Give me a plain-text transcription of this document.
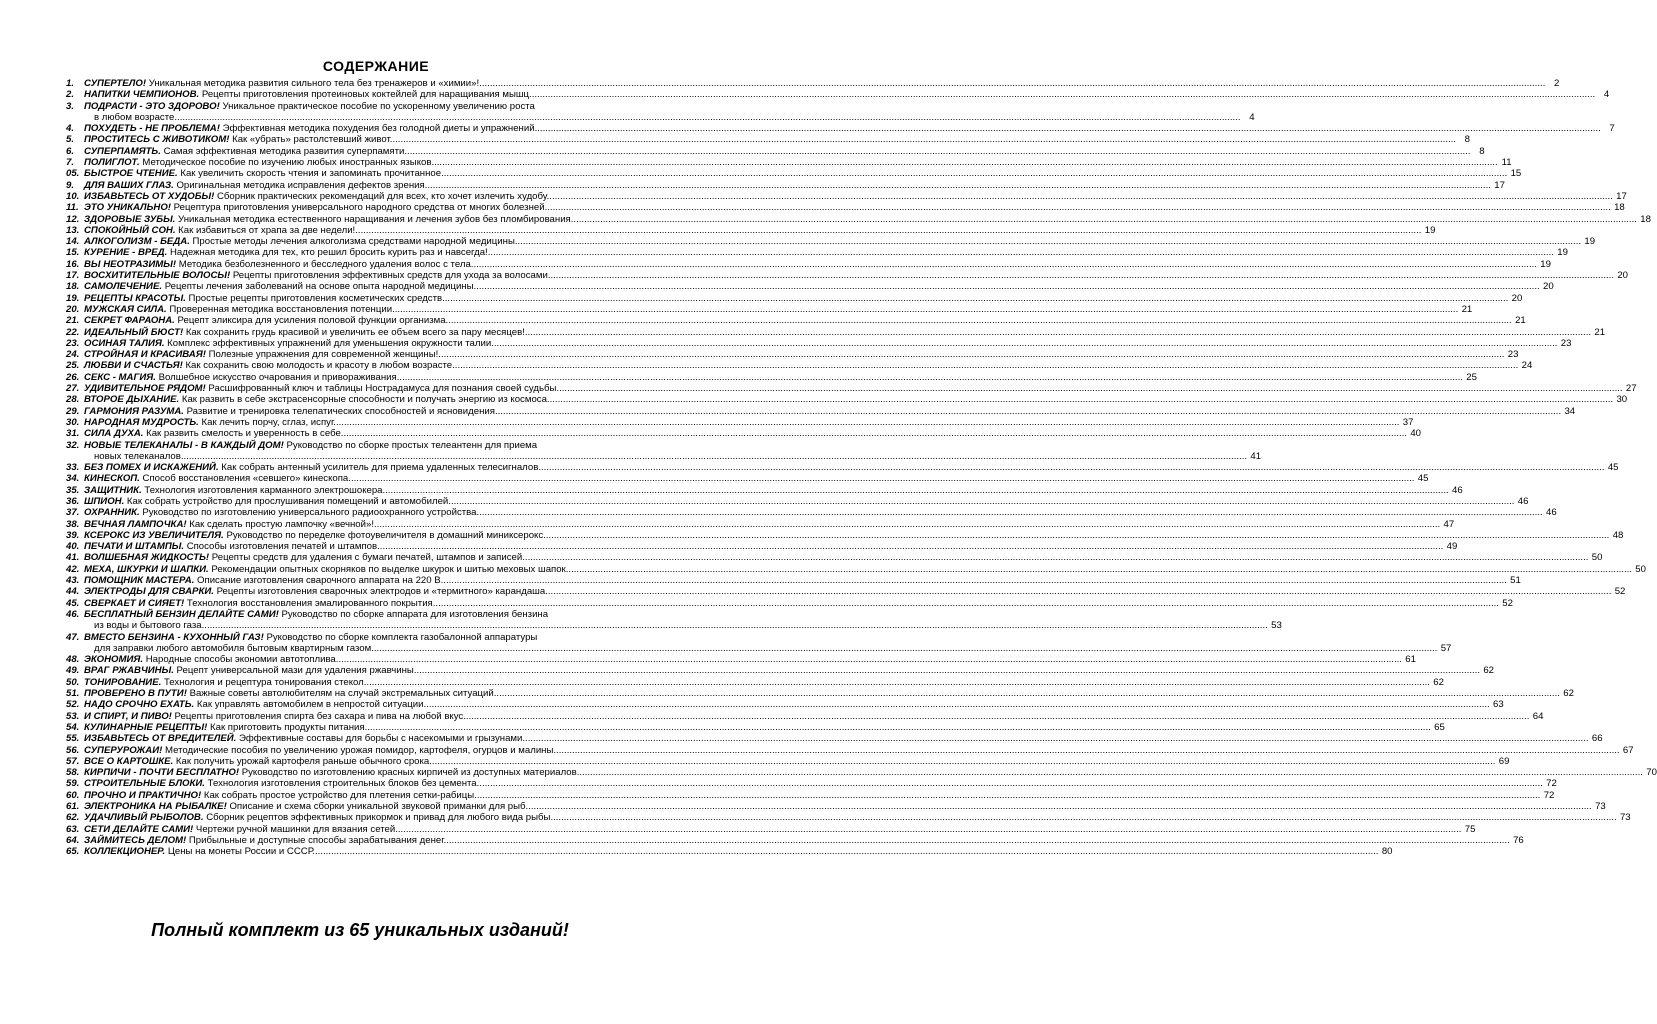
СОДЕРЖАНИЕ
1.	СУПЕРТЕЛО! Уникальная методика развития сильного тела без тренажеров и «химии»!................................................................................................................................................................................................................................................................................................................................................................................................................ 2
2.	НАПИТКИ ЧЕМПИОНОВ. Рецепты приготовления протеиновых коктейлей для наращивания мышц................................................................................................................................................................................................................................................................................................................................................................................................................ 4
3.	ПОДРАСТИ - ЭТО ЗДОРОВО! Уникальное практическое пособие по ускоренному увеличению роста
в любом возрасте................................................................................................................................................................................................................................................................................................................................................................................................................ 4
4.	ПОХУДЕТЬ - НЕ ПРОБЛЕМА! Эффективная методика похудения без голодной диеты и упражнений................................................................................................................................................................................................................................................................................................................................................................................................................ 7
5.	ПРОСТИТЕСЬ С ЖИВОТИКОМ! Как «убрать» растолстевший живот................................................................................................................................................................................................................................................................................................................................................................................................................ 8
6.	СУПЕРПАМЯТЬ. Самая эффективная методика развития суперпамяти................................................................................................................................................................................................................................................................................................................................................................................................................ 8
7.	ПОЛИГЛОТ. Методическое пособие по изучению любых иностранных языков................................................................................................................................................................................................................................................................................................................................................................................................................ 11
05. БЫСТРОЕ ЧТЕНИЕ. Как увеличить скорость чтения и запоминать прочитанное................................................................................................................................................................................................................................................................................................................................................................................................................ 15
9.	ДЛЯ ВАШИХ ГЛАЗ. Оригинальная методика исправления дефектов зрения................................................................................................................................................................................................................................................................................................................................................................................................................ 17
10. ИЗБАВЬТЕСЬ ОТ ХУДОБЫ! Сборник практических рекомендаций для всех, кто хочет излечить худобу................................................................................................................................................................................................................................................................................................................................................................................................................ 17
11. ЭТО УНИКАЛЬНО! Рецептура приготовления универсального народного средства от многих болезней................................................................................................................................................................................................................................................................................................................................................................................................................ 18
12. ЗДОРОВЫЕ ЗУБЫ. Уникальная методика естественного наращивания и лечения зубов без пломбирования................................................................................................................................................................................................................................................................................................................................................................................................................ 18
13. СПОКОЙНЫЙ СОН. Как избавиться от храпа за две недели!................................................................................................................................................................................................................................................................................................................................................................................................................ 19
14. АЛКОГОЛИЗМ - БЕДА. Простые методы лечения алкоголизма средствами народной медицины................................................................................................................................................................................................................................................................................................................................................................................................................ 19
15. КУРЕНИЕ - ВРЕД. Надежная методика для тех, кто решил бросить курить раз и навсегда!................................................................................................................................................................................................................................................................................................................................................................................................................ 19
16. ВЫ НЕОТРАЗИМЫ! Методика безболезненного и бесследного удаления волос с тела................................................................................................................................................................................................................................................................................................................................................................................................................ 19
17. ВОСХИТИТЕЛЬНЫЕ ВОЛОСЫ! Рецепты приготовления эффективных средств для ухода за волосами................................................................................................................................................................................................................................................................................................................................................................................................................ 20
18. САМОЛЕЧЕНИЕ. Рецепты лечения заболеваний на основе опыта народной медицины................................................................................................................................................................................................................................................................................................................................................................................................................ 20
19. РЕЦЕПТЫ КРАСОТЫ. Простые рецепты приготовления косметических средств................................................................................................................................................................................................................................................................................................................................................................................................................ 20
20. МУЖСКАЯ СИЛА. Проверенная методика восстановления потенции................................................................................................................................................................................................................................................................................................................................................................................................................ 21
21. СЕКРЕТ ФАРАОНА. Рецепт эликсира для усиления половой функции организма................................................................................................................................................................................................................................................................................................................................................................................................................ 21
22. ИДЕАЛЬНЫЙ БЮСТ! Как сохранить грудь красивой и увеличить ее объем всего за пару месяцев!................................................................................................................................................................................................................................................................................................................................................................................................................ 21
23. ОСИНАЯ ТАЛИЯ. Комплекс эффективных упражнений для уменьшения окружности талии................................................................................................................................................................................................................................................................................................................................................................................................................ 23
24. СТРОЙНАЯ И КРАСИВАЯ! Полезные упражнения для современной женщины!................................................................................................................................................................................................................................................................................................................................................................................................................ 23
25. ЛЮБВИ И СЧАСТЬЯ! Как сохранить свою молодость и красоту в любом возрасте................................................................................................................................................................................................................................................................................................................................................................................................................ 24
26. СЕКС - МАГИЯ. Волшебное искусство очарования и привораживания................................................................................................................................................................................................................................................................................................................................................................................................................ 25
27. УДИВИТЕЛЬНОЕ РЯДОМ! Расшифрованный ключ и таблицы Нострадамуса для познания своей судьбы................................................................................................................................................................................................................................................................................................................................................................................................................ 27
28. ВТОРОЕ ДЫХАНИЕ. Как развить в себе экстрасенсорные способности и получать энергию из космоса................................................................................................................................................................................................................................................................................................................................................................................................................ 30
29. ГАРМОНИЯ РАЗУМА. Развитие и тренировка телепатических способностей и ясновидения................................................................................................................................................................................................................................................................................................................................................................................................................ 34
30. НАРОДНАЯ МУДРОСТЬ. Как лечить порчу, сглаз, испуг................................................................................................................................................................................................................................................................................................................................................................................................................ 37
31. СИЛА ДУХА. Как развить смелость и уверенность в себе................................................................................................................................................................................................................................................................................................................................................................................................................ 40
32. НОВЫЕ ТЕЛЕКАНАЛЫ - В КАЖДЫЙ ДОМ! Руководство по сборке простых телеантенн для приема
новых телеканалов................................................................................................................................................................................................................................................................................................................................................................................................................ 41
33. БЕЗ ПОМЕХ И ИСКАЖЕНИЙ. Как собрать антенный усилитель для приема удаленных телесигналов................................................................................................................................................................................................................................................................................................................................................................................................................ 45
34. КИНЕСКОП. Способ восстановления «севшего» кинескопа................................................................................................................................................................................................................................................................................................................................................................................................................ 45
35. ЗАЩИТНИК. Технология изготовления карманного электрошокера................................................................................................................................................................................................................................................................................................................................................................................................................ 46
36. ШПИОН. Как собрать устройство для прослушивания помещений и автомобилей................................................................................................................................................................................................................................................................................................................................................................................................................ 46
37. ОХРАННИК. Руководство по изготовлению универсального радиоохранного устройства................................................................................................................................................................................................................................................................................................................................................................................................................ 46
38. ВЕЧНАЯ ЛАМПОЧКА! Как сделать простую лампочку «вечной»!................................................................................................................................................................................................................................................................................................................................................................................................................ 47
39. КСЕРОКС ИЗ УВЕЛИЧИТЕЛЯ. Руководство по переделке фотоувеличителя в домашний миниксерокс................................................................................................................................................................................................................................................................................................................................................................................................................ 48
40. ПЕЧАТИ И ШТАМПЫ. Способы изготовления печатей и штампов................................................................................................................................................................................................................................................................................................................................................................................................................ 49
41. ВОЛШЕБНАЯ ЖИДКОСТЬ! Рецепты средств для удаления с бумаги печатей, штампов и записей................................................................................................................................................................................................................................................................................................................................................................................................................ 50
42. МЕХА, ШКУРКИ И ШАПКИ. Рекомендации опытных скорняков по выделке шкурок и шитью меховых шапок................................................................................................................................................................................................................................................................................................................................................................................................................ 50
43. ПОМОЩНИК МАСТЕРА. Описание изготовления сварочного аппарата на 220 В................................................................................................................................................................................................................................................................................................................................................................................................................ 51
44. ЭЛЕКТРОДЫ ДЛЯ СВАРКИ. Рецепты изготовления сварочных электродов и «термитного» карандаша................................................................................................................................................................................................................................................................................................................................................................................................................ 52
45. СВЕРКАЕТ И СИЯЕТ! Технология восстановления эмалированного покрытия................................................................................................................................................................................................................................................................................................................................................................................................................ 52
46. БЕСПЛАТНЫЙ БЕНЗИН ДЕЛАЙТЕ САМИ! Руководство по сборке аппарата для изготовления бензина
из воды и бытового газа................................................................................................................................................................................................................................................................................................................................................................................................................ 53
47. ВМЕСТО БЕНЗИНА - КУХОННЫЙ ГАЗ! Руководство по сборке комплекта газобалонной аппаратуры
для заправки любого автомобиля бытовым квартирным газом................................................................................................................................................................................................................................................................................................................................................................................................................ 57
48. ЭКОНОМИЯ. Народные способы экономии автотоплива................................................................................................................................................................................................................................................................................................................................................................................................................ 61
49. ВРАГ РЖАВЧИНЫ. Рецепт универсальной мази для удаления ржавчины................................................................................................................................................................................................................................................................................................................................................................................................................ 62
50. ТОНИРОВАНИЕ. Технология и рецептура тонирования стекол................................................................................................................................................................................................................................................................................................................................................................................................................ 62
51. ПРОВЕРЕНО В ПУТИ! Важные советы автолюбителям на случай экстремальных ситуаций................................................................................................................................................................................................................................................................................................................................................................................................................ 62
52. НАДО СРОЧНО ЕХАТЬ. Как управлять автомобилем в непростой ситуации................................................................................................................................................................................................................................................................................................................................................................................................................ 63
53. И СПИРТ, И ПИВО! Рецепты приготовления спирта без сахара и пива на любой вкус................................................................................................................................................................................................................................................................................................................................................................................................................ 64
54. КУЛИНАРНЫЕ РЕЦЕПТЫ! Как приготовить продукты питания................................................................................................................................................................................................................................................................................................................................................................................................................ 65
55. ИЗБАВЬТЕСЬ ОТ ВРЕДИТЕЛЕЙ. Эффективные составы для борьбы с насекомыми и грызунами................................................................................................................................................................................................................................................................................................................................................................................................................ 66
56. СУПЕРУРОЖАИ! Методические пособия по увеличению урожая помидор, картофеля, огурцов и малины................................................................................................................................................................................................................................................................................................................................................................................................................ 67
57. ВСЕ О КАРТОШКЕ. Как получить урожай картофеля раньше обычного срока................................................................................................................................................................................................................................................................................................................................................................................................................ 69
58. КИРПИЧИ - ПОЧТИ БЕСПЛАТНО! Руководство по изготовлению красных кирпичей из доступных материалов................................................................................................................................................................................................................................................................................................................................................................................................................ 70
59. СТРОИТЕЛЬНЫЕ БЛОКИ. Технология изготовления строительных блоков без цемента................................................................................................................................................................................................................................................................................................................................................................................................................ 72
60. ПРОЧНО И ПРАКТИЧНО! Как собрать простое устройство для плетения сетки-рабицы................................................................................................................................................................................................................................................................................................................................................................................................................ 72
61. ЭЛЕКТРОНИКА НА РЫБАЛКЕ! Описание и схема сборки уникальной звуковой приманки для рыб................................................................................................................................................................................................................................................................................................................................................................................................................ 73
62. УДАЧЛИВЫЙ РЫБОЛОВ. Сборник рецептов эффективных прикормок и привад для любого вида рыбы................................................................................................................................................................................................................................................................................................................................................................................................................ 73
63. СЕТИ ДЕЛАЙТЕ САМИ! Чертежи ручной машинки для вязания сетей................................................................................................................................................................................................................................................................................................................................................................................................................ 75
64. ЗАЙМИТЕСЬ ДЕЛОМ! Прибыльные и доступные способы зарабатывания денег................................................................................................................................................................................................................................................................................................................................................................................................................ 76
65. КОЛЛЕКЦИОНЕР. Цены на монеты России и СССР................................................................................................................................................................................................................................................................................................................................................................................................................ 80
Полный комплект из 65 уникальных изданий!
